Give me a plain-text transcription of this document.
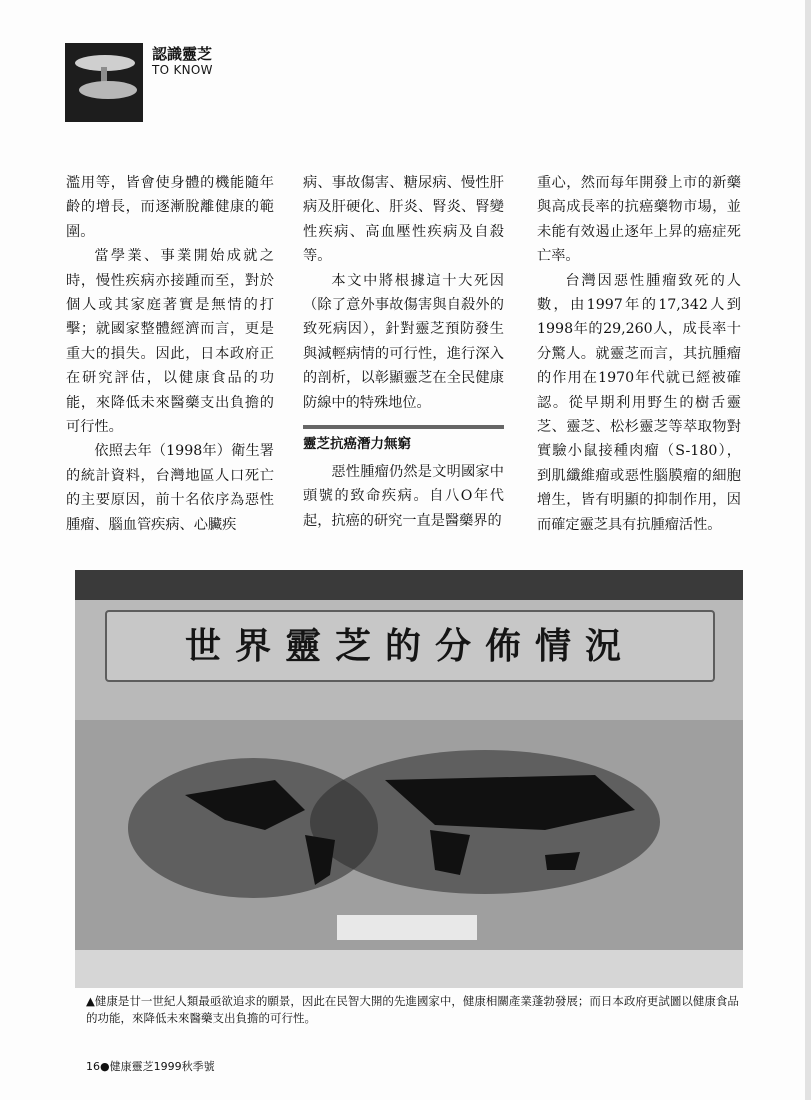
認識靈芝
TO KNOW

濫用等，皆會使身體的機能隨年齡的增長，而逐漸脫離健康的範圍。

當學業、事業開始成就之時，慢性疾病亦接踵而至，對於個人或其家庭著實是無情的打擊；就國家整體經濟而言，更是重大的損失。因此，日本政府正在研究評估，以健康食品的功能，來降低未來醫藥支出負擔的可行性。

依照去年（1998年）衛生署的統計資料，台灣地區人口死亡的主要原因，前十名依序為惡性腫瘤、腦血管疾病、心臟疾

病、事故傷害、糖尿病、慢性肝病及肝硬化、肝炎、腎炎、腎變性疾病、高血壓性疾病及自殺等。

本文中將根據這十大死因（除了意外事故傷害與自殺外的致死病因），針對靈芝預防發生與減輕病情的可行性，進行深入的剖析，以彰顯靈芝在全民健康防線中的特殊地位。

靈芝抗癌潛力無窮

惡性腫瘤仍然是文明國家中頭號的致命疾病。自八O年代起，抗癌的研究一直是醫藥界的

重心，然而每年開發上市的新藥與高成長率的抗癌藥物市場，並未能有效遏止逐年上昇的癌症死亡率。

台灣因惡性腫瘤致死的人數，由1997年的17,342人到1998年的29,260人，成長率十分驚人。就靈芝而言，其抗腫瘤的作用在1970年代就已經被確認。從早期利用野生的樹舌靈芝、靈芝、松杉靈芝等萃取物對實驗小鼠接種肉瘤（S-180），到肌纖維瘤或惡性腦膜瘤的細胞增生，皆有明顯的抑制作用，因而確定靈芝具有抗腫瘤活性。

世界靈芝的分佈情況
▲健康是廿一世紀人類最亟欲追求的願景，因此在民智大開的先進國家中，健康相關產業蓬勃發展；而日本政府更試圖以健康食品的功能，來降低未來醫藥支出負擔的可行性。
16●健康靈芝1999秋季號
